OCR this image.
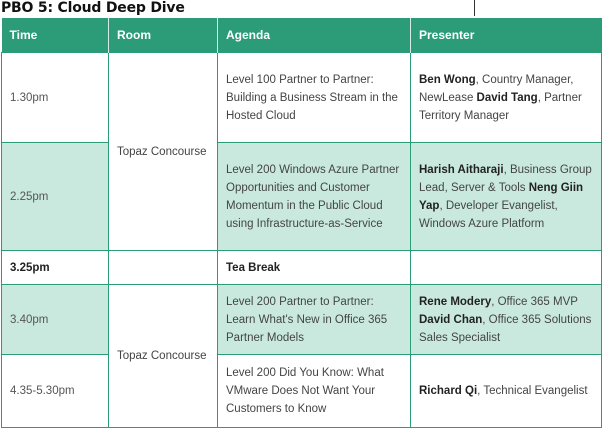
PBO 5: Cloud Deep Dive
Time	Room	Agenda	Presenter
1.30pm	Topaz Concourse	Level 100 Partner to Partner: Building a Business Stream in the Hosted Cloud	Ben Wong, Country Manager, NewLease David Tang, Partner Territory Manager
2.25pm		Level 200 Windows Azure Partner Opportunities and Customer Momentum in the Public Cloud using Infrastructure-as-Service	Harish Aitharaji, Business Group Lead, Server & Tools Neng Giin Yap, Developer Evangelist, Windows Azure Platform
3.25pm		Tea Break	
3.40pm	Topaz Concourse	Level 200 Partner to Partner: Learn What's New in Office 365 Partner Models	Rene Modery, Office 365 MVP David Chan, Office 365 Solutions Sales Specialist
4.35-5.30pm		Level 200 Did You Know: What VMware Does Not Want Your Customers to Know	Richard Qi, Technical Evangelist
